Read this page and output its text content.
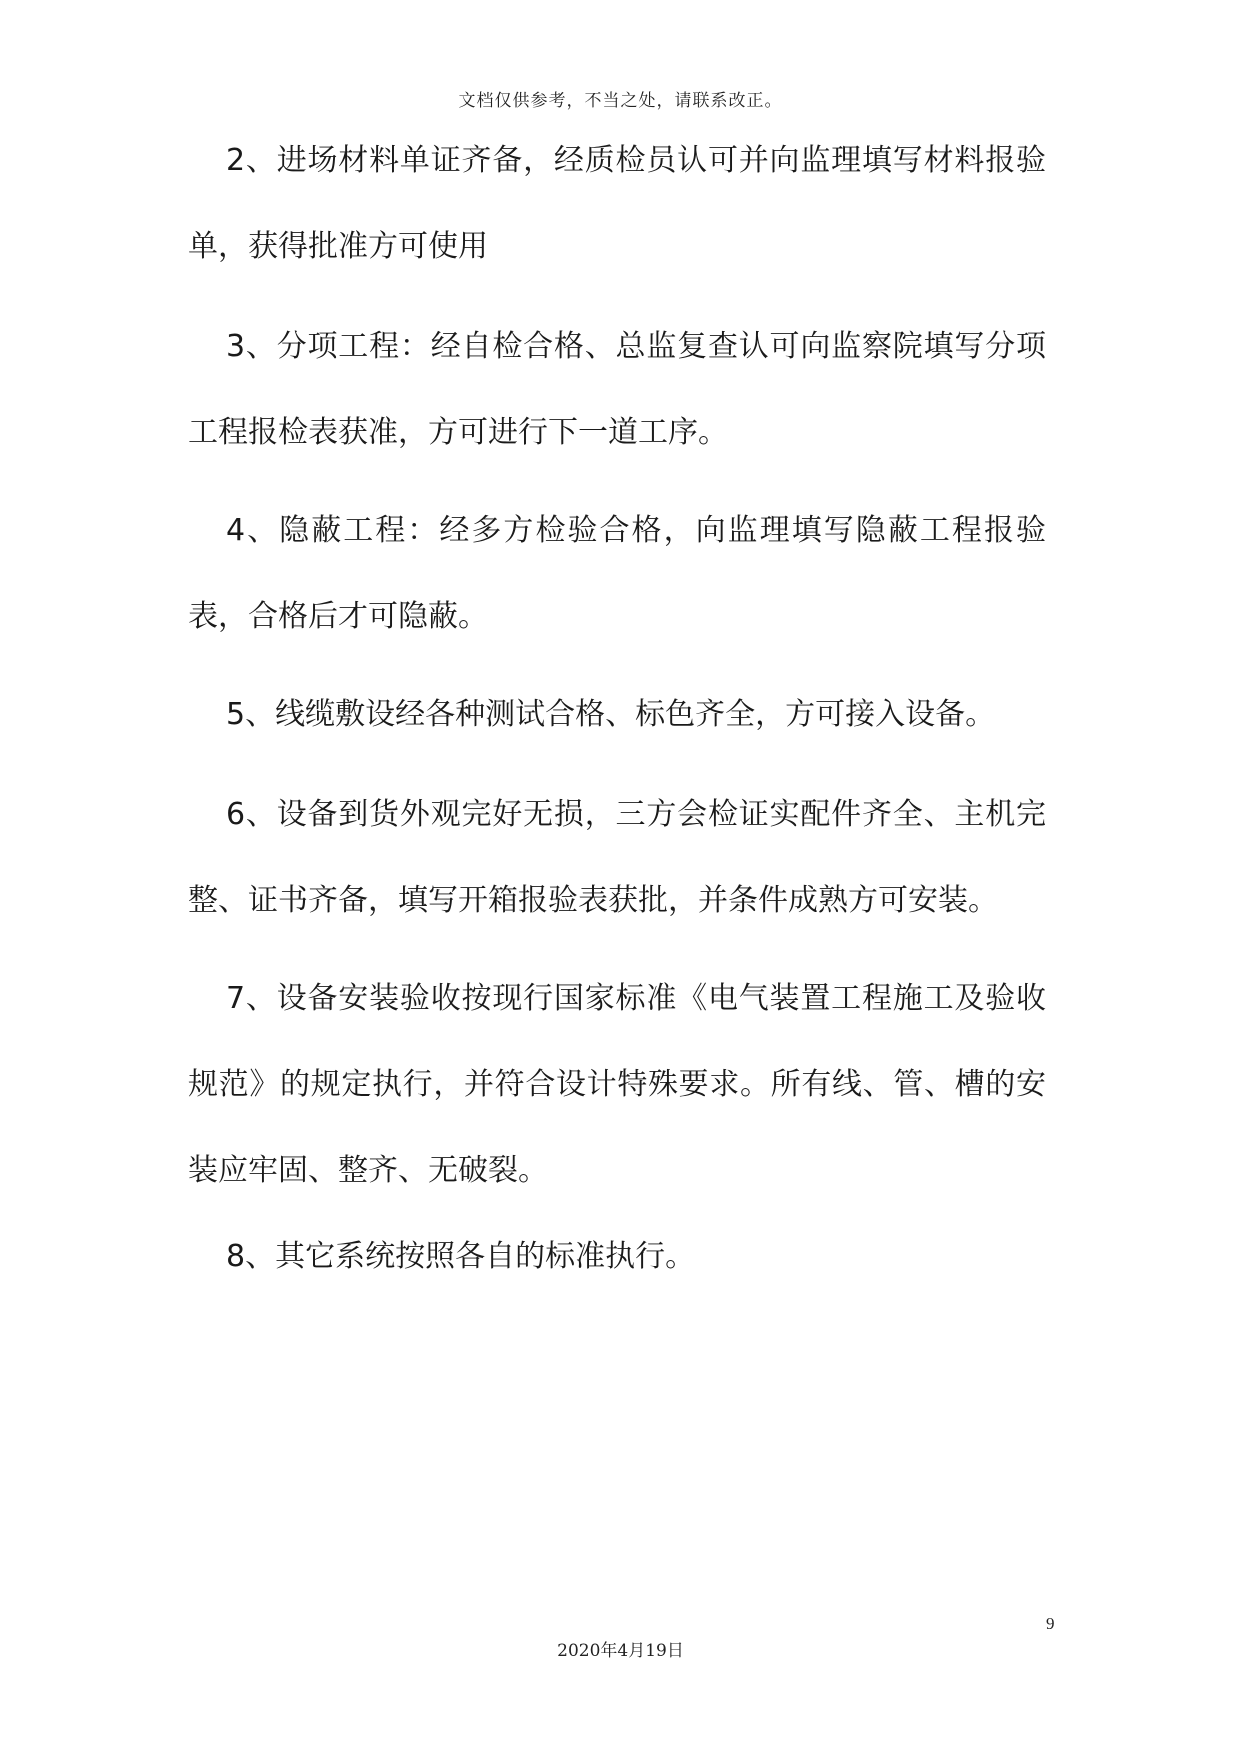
文档仅供参考，不当之处，请联系改正。

2、进场材料单证齐备，经质检员认可并向监理填写材料报验单，获得批准方可使用

3、分项工程：经自检合格、总监复查认可向监察院填写分项工程报检表获准，方可进行下一道工序。

4、隐蔽工程：经多方检验合格，向监理填写隐蔽工程报验表，合格后才可隐蔽。

5、线缆敷设经各种测试合格、标色齐全，方可接入设备。

6、设备到货外观完好无损，三方会检证实配件齐全、主机完整、证书齐备，填写开箱报验表获批，并条件成熟方可安装。

7、设备安装验收按现行国家标准《电气装置工程施工及验收规范》的规定执行，并符合设计特殊要求。所有线、管、槽的安装应牢固、整齐、无破裂。

8、其它系统按照各自的标准执行。

9
2020年4月19日
